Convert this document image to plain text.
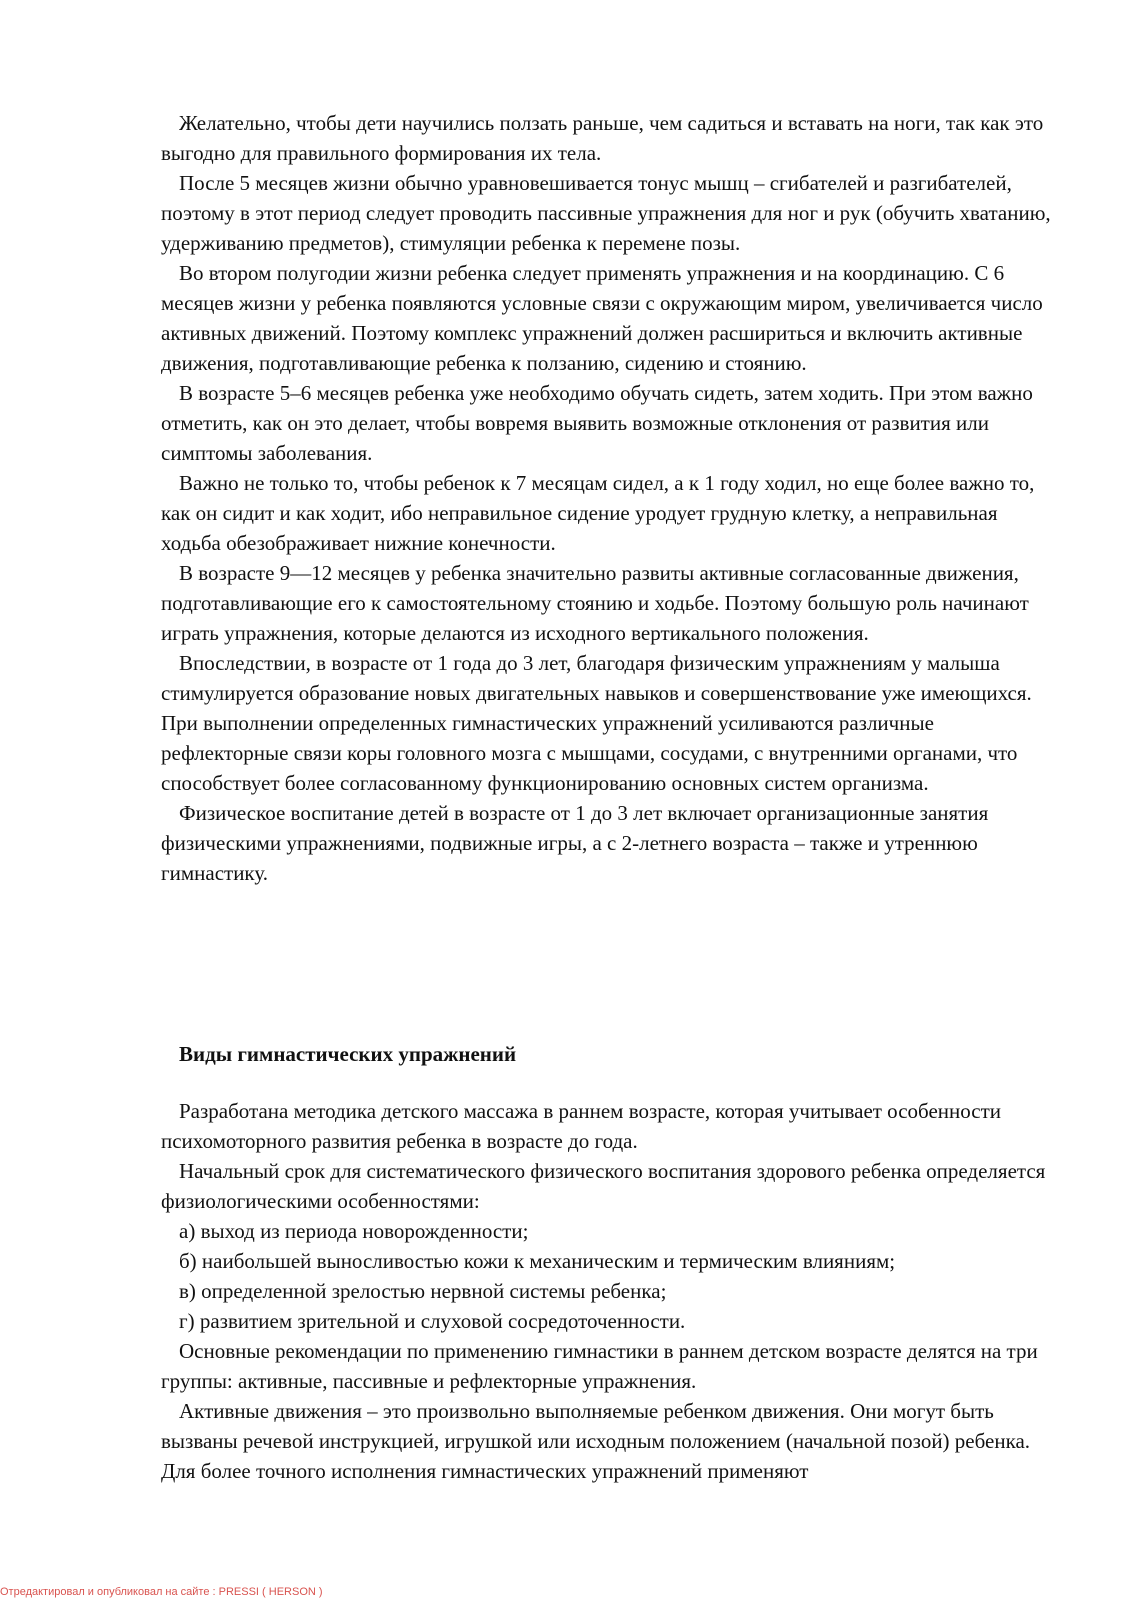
Желательно, чтобы дети научились ползать раньше, чем садиться и вставать на ноги, так как это выгодно для правильного формирования их тела.

После 5 месяцев жизни обычно уравновешивается тонус мышц – сгибателей и разгибателей, поэтому в этот период следует проводить пассивные упражнения для ног и рук (обучить хватанию, удерживанию предметов), стимуляции ребенка к перемене позы.

Во втором полугодии жизни ребенка следует применять упражнения и на координацию. С 6 месяцев жизни у ребенка появляются условные связи с окружающим миром, увеличивается число активных движений. Поэтому комплекс упражнений должен расшириться и включить активные движения, подготавливающие ребенка к ползанию, сидению и стоянию.

В возрасте 5–6 месяцев ребенка уже необходимо обучать сидеть, затем ходить. При этом важно отметить, как он это делает, чтобы вовремя выявить возможные отклонения от развития или симптомы заболевания.

Важно не только то, чтобы ребенок к 7 месяцам сидел, а к 1 году ходил, но еще более важно то, как он сидит и как ходит, ибо неправильное сидение уродует грудную клетку, а неправильная ходьба обезображивает нижние конечности.

В возрасте 9—12 месяцев у ребенка значительно развиты активные согласованные движения, подготавливающие его к самостоятельному стоянию и ходьбе. Поэтому большую роль начинают играть упражнения, которые делаются из исходного вертикального положения.

Впоследствии, в возрасте от 1 года до 3 лет, благодаря физическим упражнениям у малыша стимулируется образование новых двигательных навыков и совершенствование уже имеющихся. При выполнении определенных гимнастических упражнений усиливаются различные рефлекторные связи коры головного мозга с мышцами, сосудами, с внутренними органами, что способствует более согласованному функционированию основных систем организма.

Физическое воспитание детей в возрасте от 1 до 3 лет включает организационные занятия физическими упражнениями, подвижные игры, а с 2-летнего возраста – также и утреннюю гимнастику.

Виды гимнастических упражнений

Разработана методика детского массажа в раннем возрасте, которая учитывает особенности психомоторного развития ребенка в возрасте до года.

Начальный срок для систематического физического воспитания здорового ребенка определяется физиологическими особенностями:

а) выход из периода новорожденности;

б) наибольшей выносливостью кожи к механическим и термическим влияниям;

в) определенной зрелостью нервной системы ребенка;

г) развитием зрительной и слуховой сосредоточенности.

Основные рекомендации по применению гимнастики в раннем детском возрасте делятся на три группы: активные, пассивные и рефлекторные упражнения.

Активные движения – это произвольно выполняемые ребенком движения. Они могут быть вызваны речевой инструкцией, игрушкой или исходным положением (начальной позой) ребенка. Для более точного исполнения гимнастических упражнений применяют

Отредактировал и опубликовал на сайте : PRESSI ( HERSON )
